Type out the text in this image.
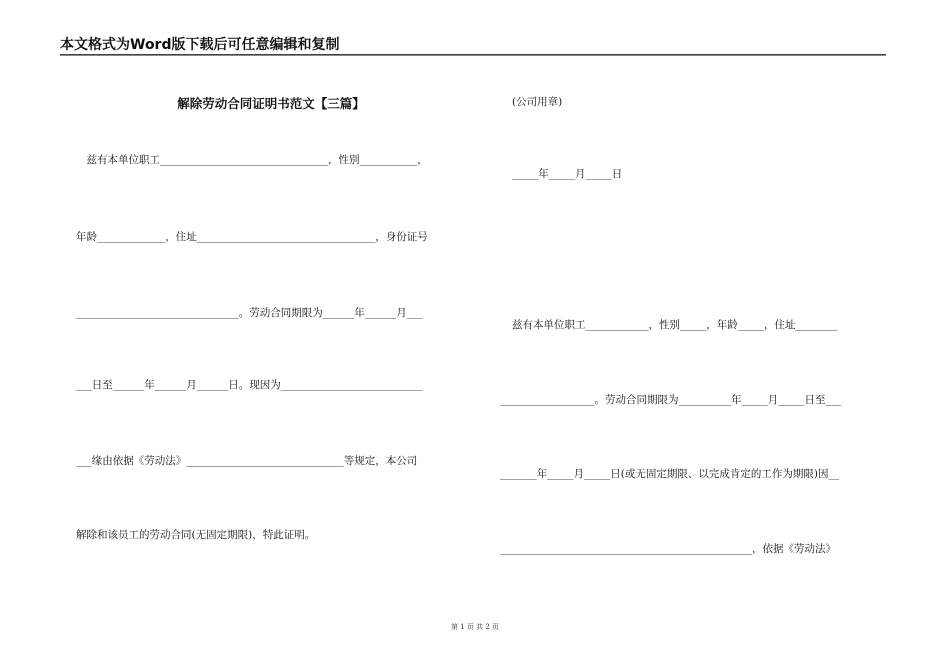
本文格式为Word版下载后可任意编辑和复制
解除劳动合同证明书范文【三篇】
　兹有本单位职工________________________________，性别___________，
年龄_____________，住址__________________________________，身份证号
_______________________________。劳动合同期限为______年______月___
___日至______年______月______日。现因为___________________________
___缘由依据《劳动法》______________________________等规定，本公司
解除和该员工的劳动合同(无固定期限)，特此证明。
(公司用章)
_____年_____月_____日
兹有本单位职工____________，性别_____，年龄_____，住址________
__________________。劳动合同期限为__________年_____月_____日至___
_______年_____月_____日(或无固定期限、以完成肯定的工作为期限)因__
________________________________________________，依据《劳动法》
第 1 页 共 2 页
